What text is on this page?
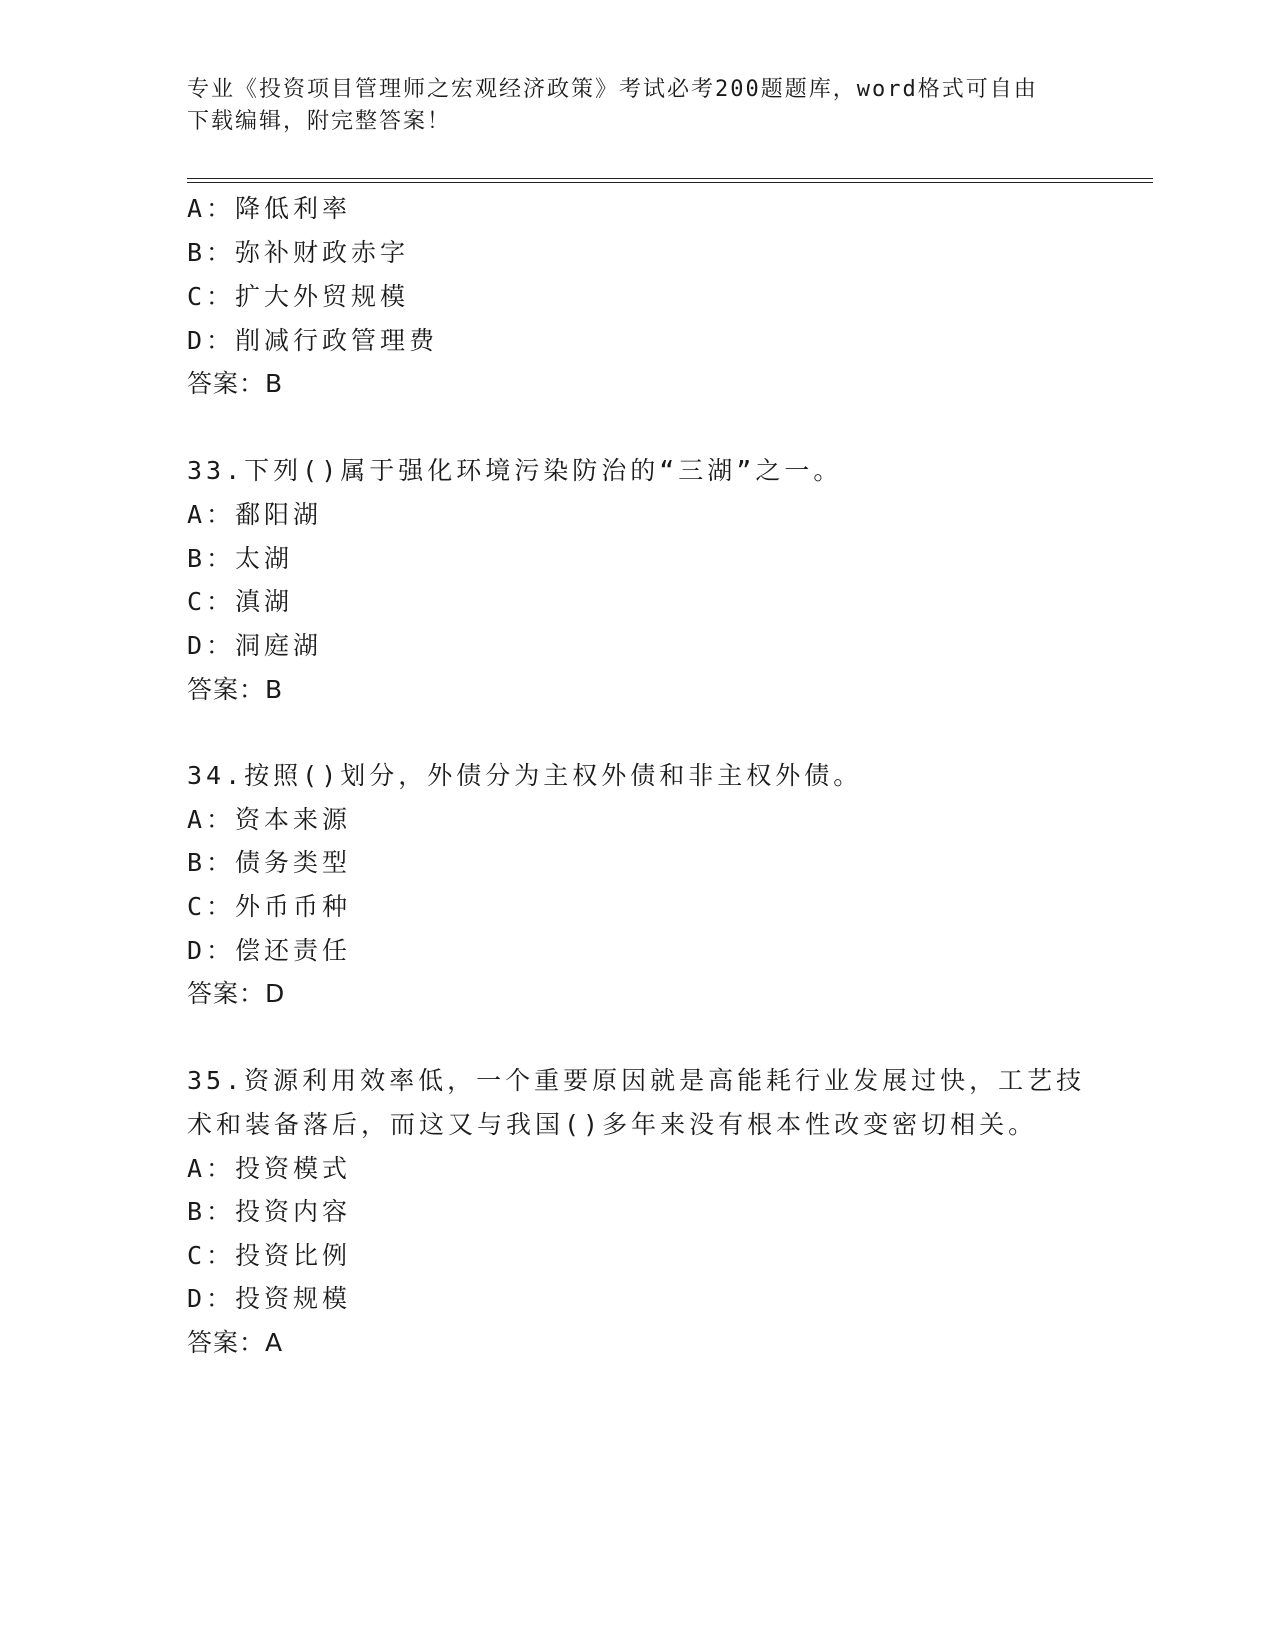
专业《投资项目管理师之宏观经济政策》考试必考200题题库，word格式可自由
下载编辑，附完整答案！
A：降低利率
B：弥补财政赤字
C：扩大外贸规模
D：削减行政管理费
答案：B
33.下列()属于强化环境污染防治的“三湖”之一。
A：鄱阳湖
B：太湖
C：滇湖
D：洞庭湖
答案：B
34.按照()划分，外债分为主权外债和非主权外债。
A：资本来源
B：债务类型
C：外币币种
D：偿还责任
答案：D
35.资源利用效率低，一个重要原因就是高能耗行业发展过快，工艺技
术和装备落后，而这又与我国()多年来没有根本性改变密切相关。
A：投资模式
B：投资内容
C：投资比例
D：投资规模
答案：A
